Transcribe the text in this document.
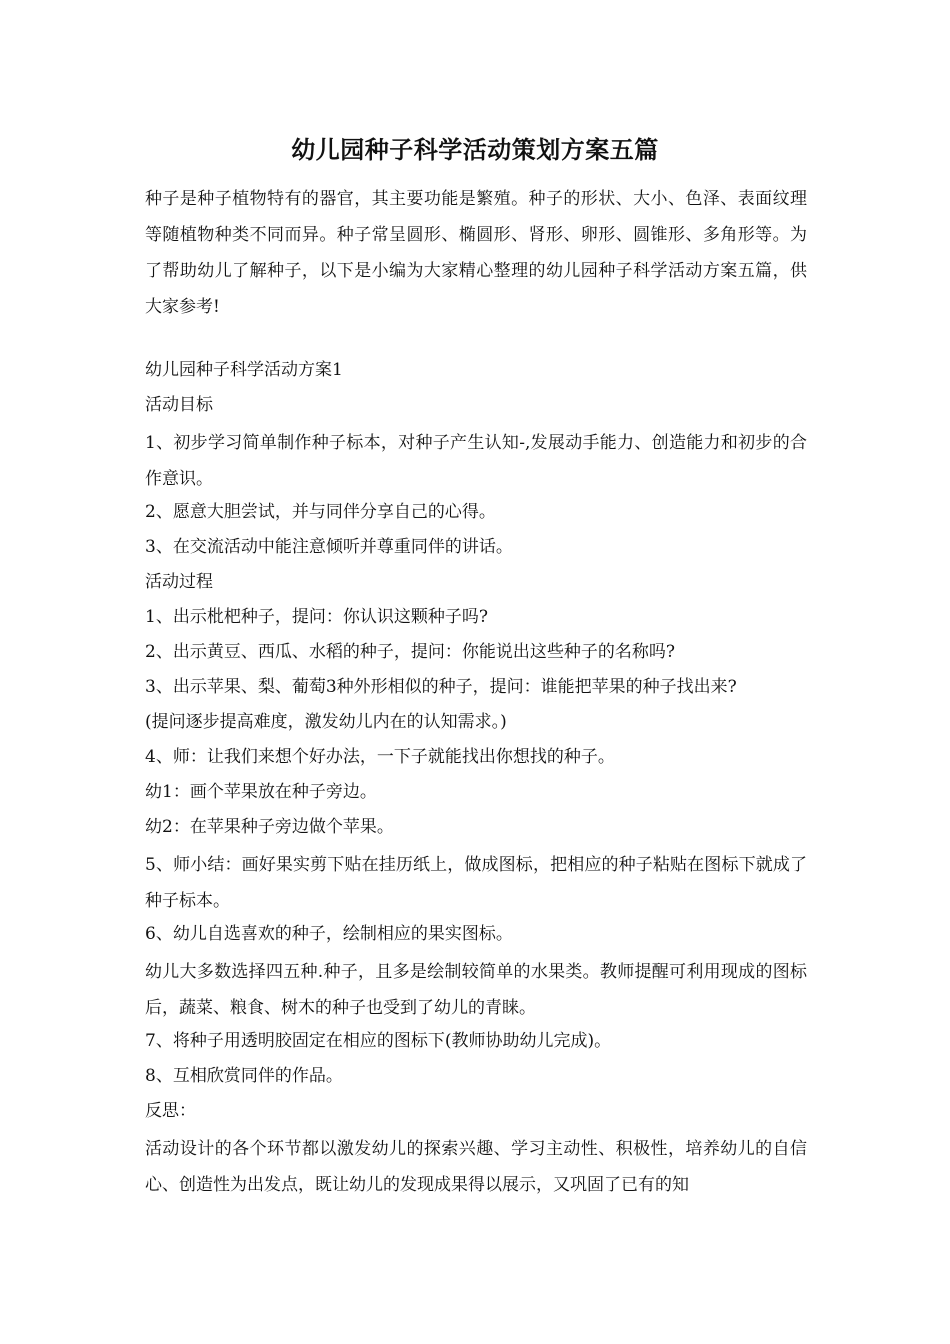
幼儿园种子科学活动策划方案五篇
种子是种子植物特有的器官，其主要功能是繁殖。种子的形状、大小、色泽、表面纹理等随植物种类不同而异。种子常呈圆形、椭圆形、肾形、卵形、圆锥形、多角形等。为了帮助幼儿了解种子，以下是小编为大家精心整理的幼儿园种子科学活动方案五篇，供大家参考!
幼儿园种子科学活动方案1
活动目标
1、初步学习简单制作种子标本，对种子产生认知-,发展动手能力、创造能力和初步的合作意识。
2、愿意大胆尝试，并与同伴分享自己的心得。
3、在交流活动中能注意倾听并尊重同伴的讲话。
活动过程
1、出示枇杷种子，提问：你认识这颗种子吗?
2、出示黄豆、西瓜、水稻的种子，提问：你能说出这些种子的名称吗?
3、出示苹果、梨、葡萄3种外形相似的种子，提问：谁能把苹果的种子找出来?
(提问逐步提高难度，激发幼儿内在的认知需求。)
4、师：让我们来想个好办法，一下子就能找出你想找的种子。
幼1：画个苹果放在种子旁边。
幼2：在苹果种子旁边做个苹果。
5、师小结：画好果实剪下贴在挂历纸上，做成图标，把相应的种子粘贴在图标下就成了种子标本。
6、幼儿自选喜欢的种子，绘制相应的果实图标。
幼儿大多数选择四五种.种子，且多是绘制较简单的水果类。教师提醒可利用现成的图标后，蔬菜、粮食、树木的种子也受到了幼儿的青睐。
7、将种子用透明胶固定在相应的图标下(教师协助幼儿完成)。
8、互相欣赏同伴的作品。
反思：
活动设计的各个环节都以激发幼儿的探索兴趣、学习主动性、积极性，培养幼儿的自信心、创造性为出发点，既让幼儿的发现成果得以展示，又巩固了已有的知
